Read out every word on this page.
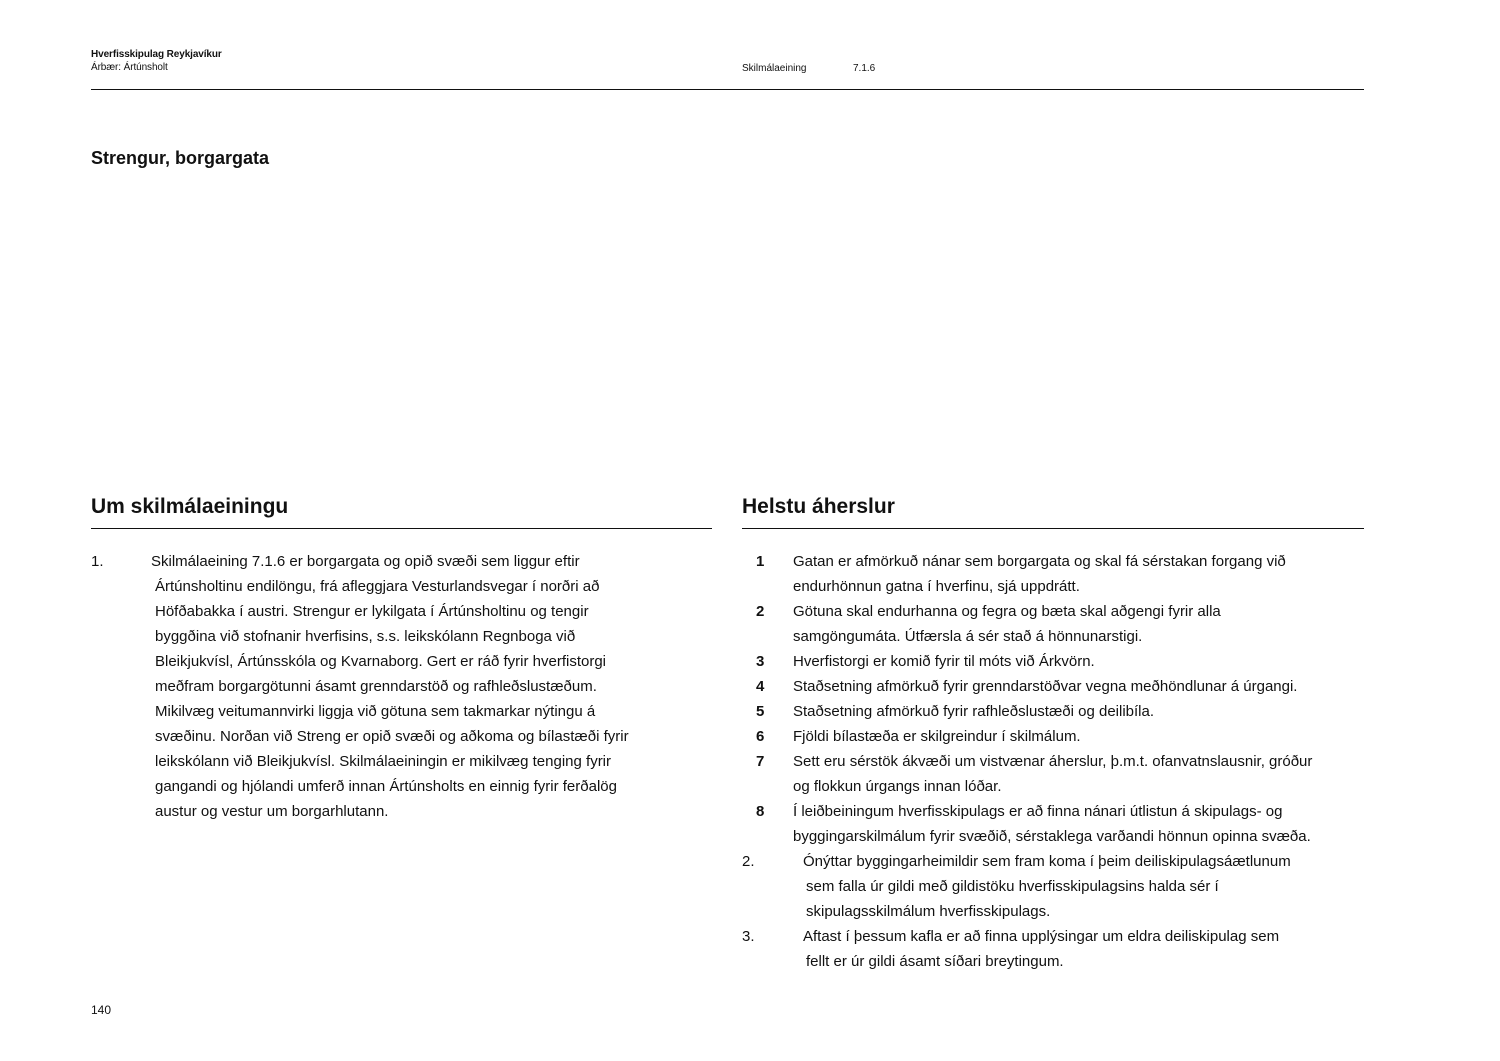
Hverfisskipulag Reykjavíkur
Árbær: Ártúnsholt	Skilmálaeining	7.1.6
Strengur, borgargata
Um skilmálaeiningu
1.	Skilmálaeining 7.1.6 er borgargata og opið svæði sem liggur eftir
Ártúnsholtinu endilöngu, frá afleggjara Vesturlandsvegar í norðri að
Höfðabakka í austri. Strengur er lykilgata í Ártúnsholtinu og tengir
byggðina við stofnanir hverfisins, s.s. leikskólann Regnboga við
Bleikjukvísl, Ártúnsskóla og Kvarnaborg. Gert er ráð fyrir hverfistorgi
meðfram borgargötunni ásamt grenndarstöð og rafhleðslustæðum.
Mikilvæg veitumannvirki liggja við götuna sem takmarkar nýtingu á
svæðinu. Norðan við Streng er opið svæði og aðkoma og bílastæði fyrir
leikskólann við Bleikjukvísl. Skilmálaeiningin er mikilvæg tenging fyrir
gangandi og hjólandi umferð innan Ártúnsholts en einnig fyrir ferðalög
austur og vestur um borgarhlutann.
Helstu áherslur
1 Gatan er afmörkuð nánar sem borgargata og skal fá sérstakan forgang við
endurhönnun gatna í hverfinu, sjá uppdrátt.
2 Götuna skal endurhanna og fegra og bæta skal aðgengi fyrir alla
samgöngumáta. Útfærsla á sér stað á hönnunarstigi.
3 Hverfistorgi er komið fyrir til móts við Árkvörn.
4 Staðsetning afmörkuð fyrir grenndarstöðvar vegna meðhöndlunar á úrgangi.
5 Staðsetning afmörkuð fyrir rafhleðslustæði og deilibíla.
6 Fjöldi bílastæða er skilgreindur í skilmálum.
7 Sett eru sérstök ákvæði um vistvænar áherslur, þ.m.t. ofanvatnslausnir, gróður
og flokkun úrgangs innan lóðar.
8 Í leiðbeiningum hverfisskipulags er að finna nánari útlistun á skipulags- og
byggingarskilmálum fyrir svæðið, sérstaklega varðandi hönnun opinna svæða.
2.	Ónýttar byggingarheimildir sem fram koma í þeim deiliskipulagsáætlunum
sem falla úr gildi með gildistöku hverfisskipulagsins halda sér í
skipulagsskilmálum hverfisskipulags.
3.	Aftast í þessum kafla er að finna upplýsingar um eldra deiliskipulag sem
fellt er úr gildi ásamt síðari breytingum.
140
